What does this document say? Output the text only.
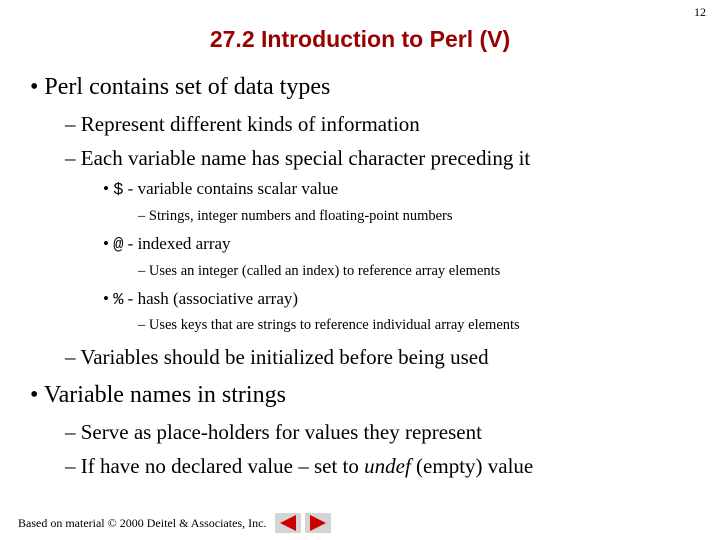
12
27.2 Introduction to Perl (V)
• Perl contains set of data types
– Represent different kinds of information
– Each variable name has special character preceding it
• $ - variable contains scalar value
– Strings, integer numbers and floating-point numbers
• @ - indexed array
– Uses an integer (called an index) to reference array elements
• % - hash (associative array)
– Uses keys that are strings to reference individual array elements
– Variables should be initialized before being used
• Variable names in strings
– Serve as place-holders for values they represent
– If have no declared value – set to undef (empty) value
Based on material © 2000 Deitel & Associates, Inc.
